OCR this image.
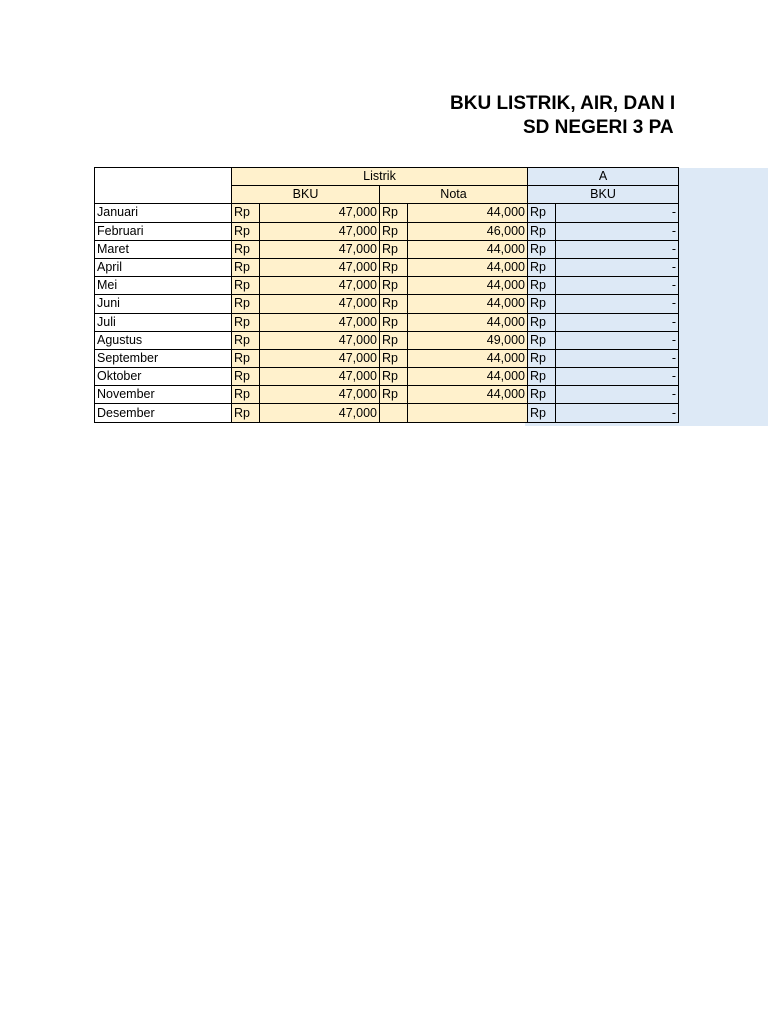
BKU LISTRIK, AIR, DAN I
SD NEGERI 3 PA
	Listrik				A	
	BKU		Nota		BKU	
Januari	Rp	47,000	Rp	44,000	Rp	-
Februari	Rp	47,000	Rp	46,000	Rp	-
Maret	Rp	47,000	Rp	44,000	Rp	-
April	Rp	47,000	Rp	44,000	Rp	-
Mei	Rp	47,000	Rp	44,000	Rp	-
Juni	Rp	47,000	Rp	44,000	Rp	-
Juli	Rp	47,000	Rp	44,000	Rp	-
Agustus	Rp	47,000	Rp	49,000	Rp	-
September	Rp	47,000	Rp	44,000	Rp	-
Oktober	Rp	47,000	Rp	44,000	Rp	-
November	Rp	47,000	Rp	44,000	Rp	-
Desember	Rp	47,000			Rp	-
